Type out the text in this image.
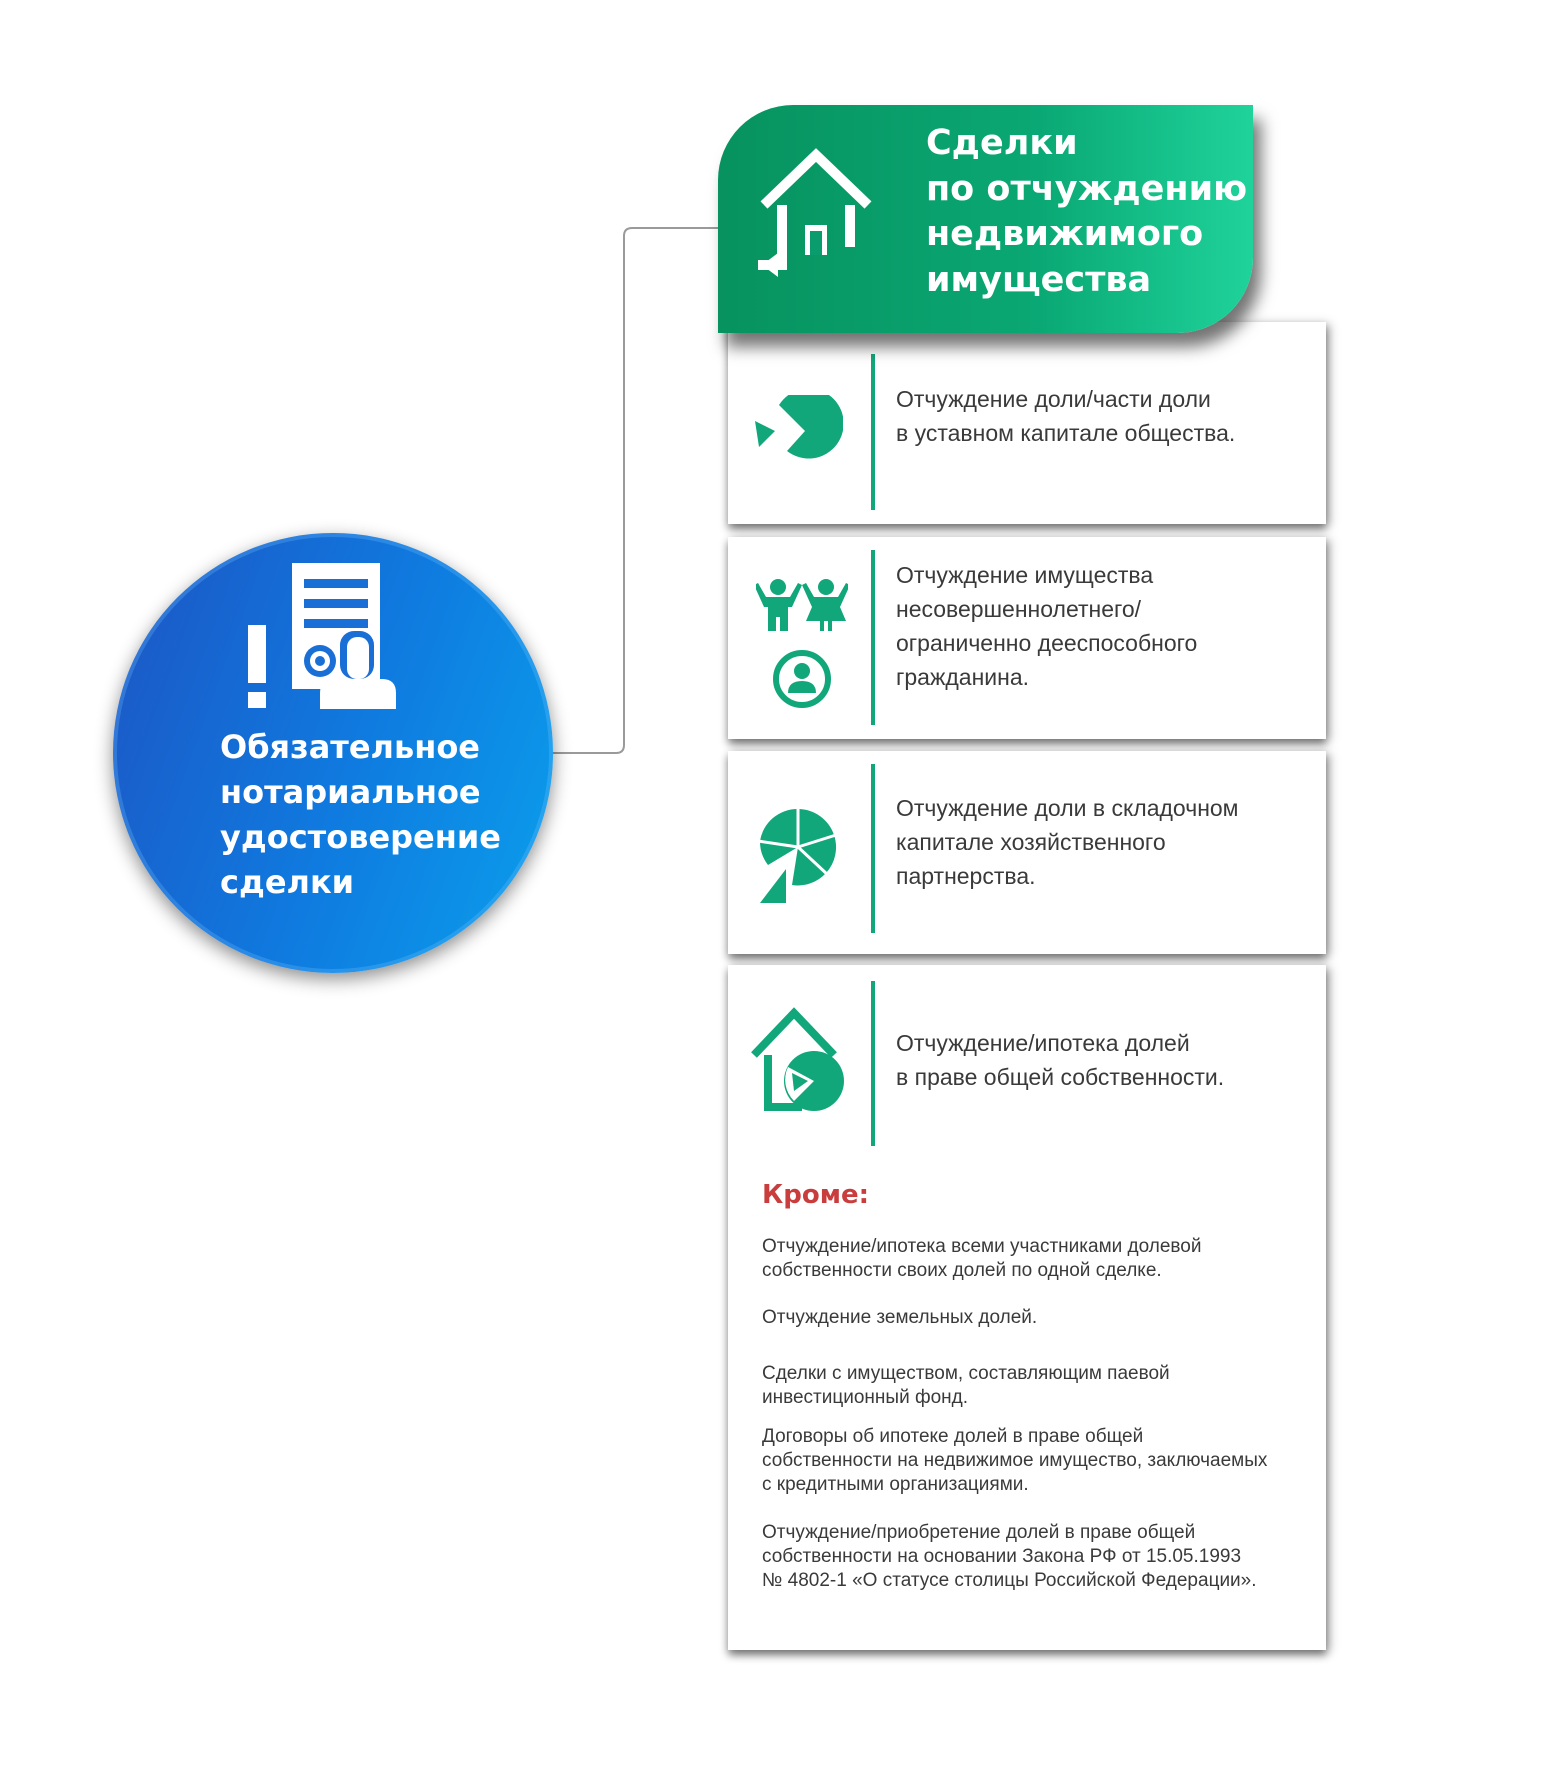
Обязательное
нотариальное
удостоверение
сделки
Сделки
по отчуждению
недвижимого
имущества
Отчуждение доли/части доли
в уставном капитале общества.
Отчуждение имущества
несовершеннолетнего/
ограниченно дееспособного
гражданина.
Отчуждение доли в складочном
капитале хозяйственного
партнерства.
Отчуждение/ипотека долей
в праве общей собственности.
Кроме:
Отчуждение/ипотека всеми участниками долевой
собственности своих долей по одной сделке.
Отчуждение земельных долей.
Сделки с имуществом, составляющим паевой
инвестиционный фонд.
Договоры об ипотеке долей в праве общей
собственности на недвижимое имущество, заключаемых
с кредитными организациями.
Отчуждение/приобретение долей в праве общей
собственности на основании Закона РФ от 15.05.1993
№ 4802-1 «О статусе столицы Российской Федерации».
